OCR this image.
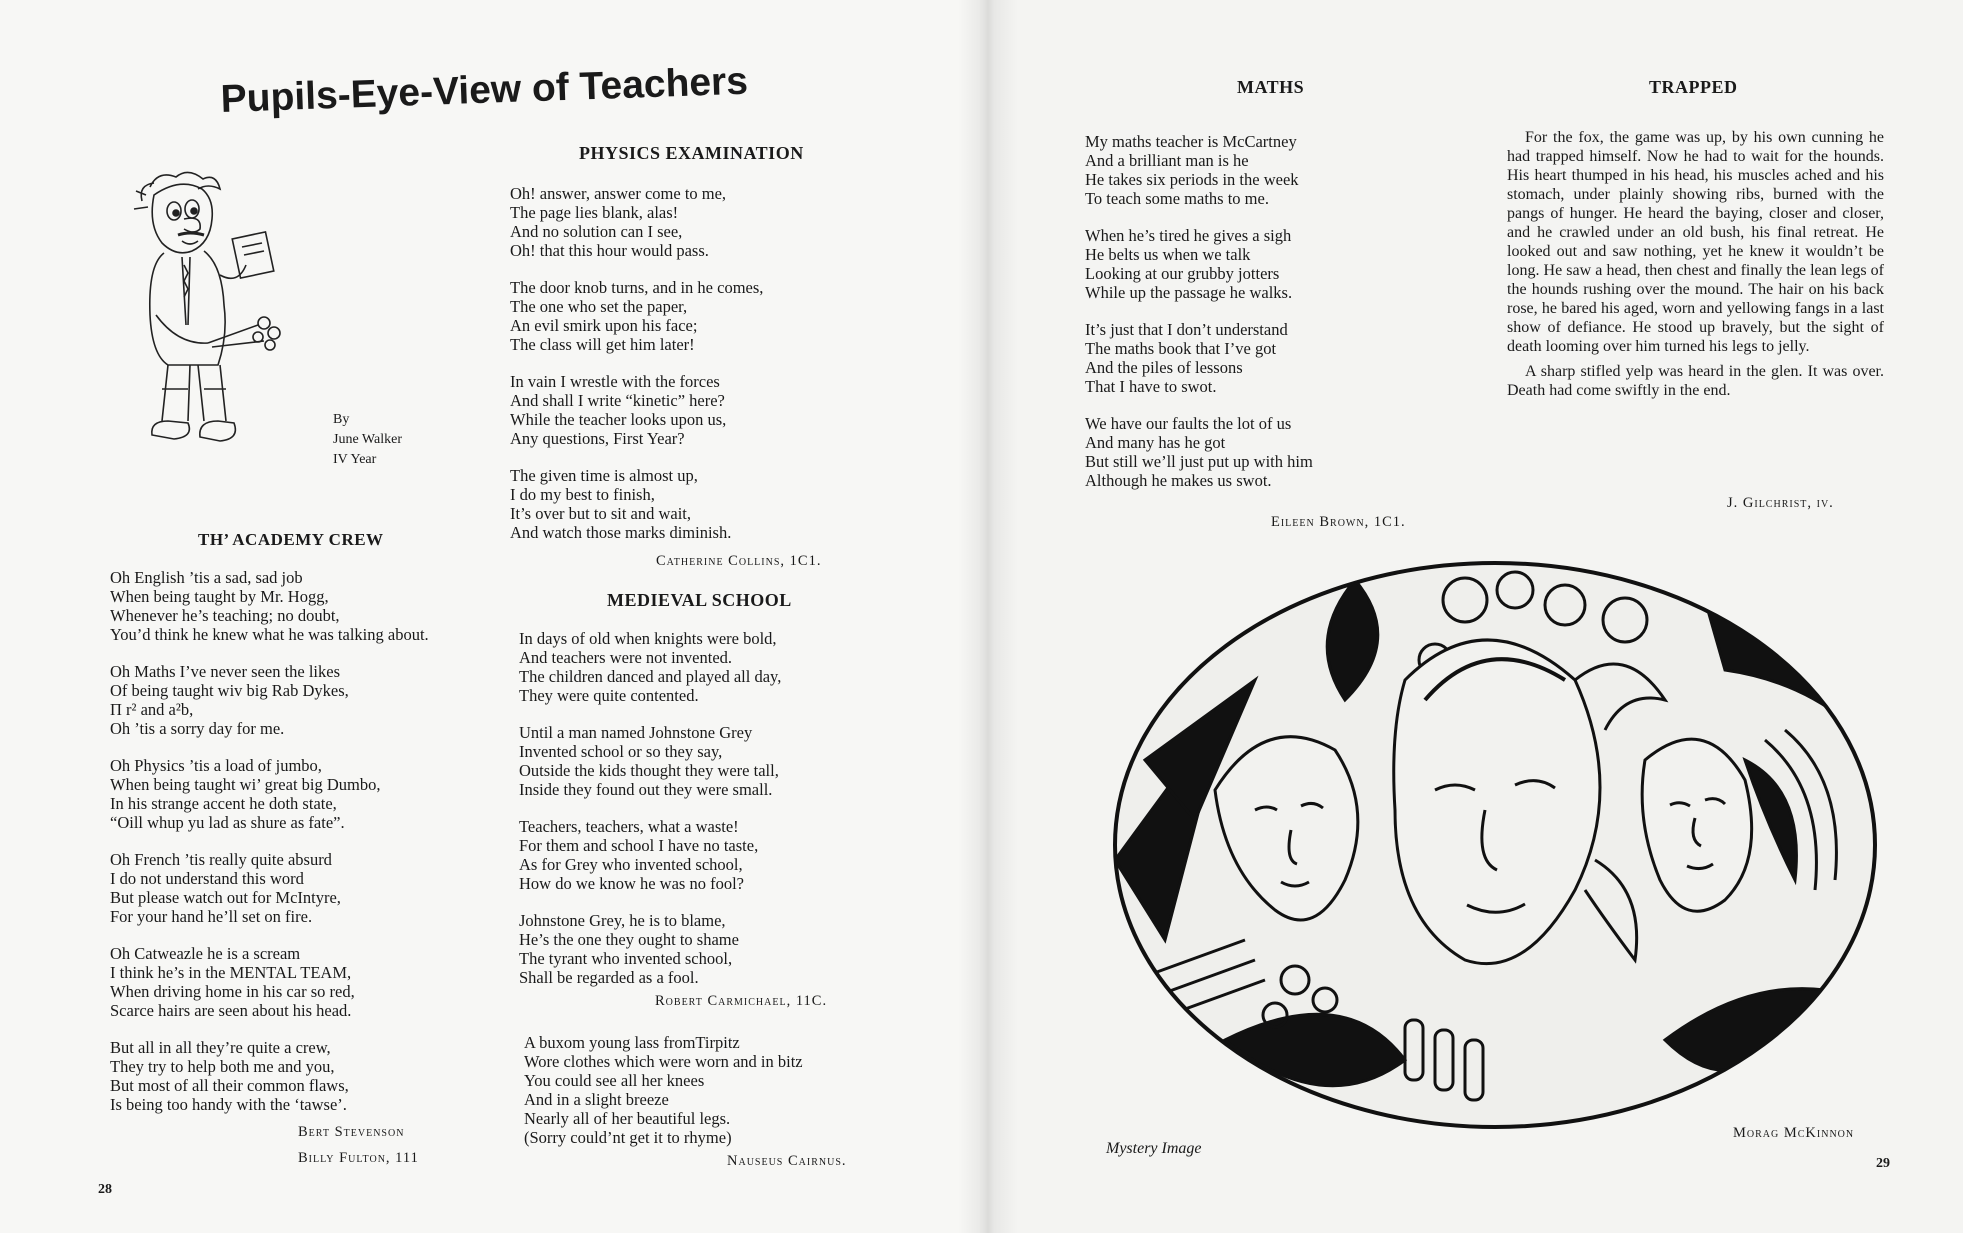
Pupils-Eye-View of Teachers
By
June Walker
IV Year
TH’ ACADEMY CREW
Oh English ’tis a sad, sad job
When being taught by Mr. Hogg,
Whenever he’s teaching; no doubt,
You’d think he knew what he was talking about.
Oh Maths I’ve never seen the likes
Of being taught wiv big Rab Dykes,
Π r² and a²b,
Oh ’tis a sorry day for me.
Oh Physics ’tis a load of jumbo,
When being taught wi’ great big Dumbo,
In his strange accent he doth state,
“Oill whup yu lad as shure as fate”.
Oh French ’tis really quite absurd
I do not understand this word
But please watch out for McIntyre,
For your hand he’ll set on fire.
Oh Catweazle he is a scream
I think he’s in the MENTAL TEAM,
When driving home in his car so red,
Scarce hairs are seen about his head.
But all in all they’re quite a crew,
They try to help both me and you,
But most of all their common flaws,
Is being too handy with the ‘tawse’.
Bert Stevenson
Billy Fulton, 111
PHYSICS EXAMINATION
Oh! answer, answer come to me,
The page lies blank, alas!
And no solution can I see,
Oh! that this hour would pass.
The door knob turns, and in he comes,
The one who set the paper,
An evil smirk upon his face;
The class will get him later!
In vain I wrestle with the forces
And shall I write “kinetic” here?
While the teacher looks upon us,
Any questions, First Year?
The given time is almost up,
I do my best to finish,
It’s over but to sit and wait,
And watch those marks diminish.
Catherine Collins, 1C1.
MEDIEVAL SCHOOL
In days of old when knights were bold,
And teachers were not invented.
The children danced and played all day,
They were quite contented.
Until a man named Johnstone Grey
Invented school or so they say,
Outside the kids thought they were tall,
Inside they found out they were small.
Teachers, teachers, what a waste!
For them and school I have no taste,
As for Grey who invented school,
How do we know he was no fool?
Johnstone Grey, he is to blame,
He’s the one they ought to shame
The tyrant who invented school,
Shall be regarded as a fool.
Robert Carmichael, 11C.
A buxom young lass fromTirpitz
Wore clothes which were worn and in bitz
You could see all her knees
And in a slight breeze
Nearly all of her beautiful legs.
(Sorry could’nt get it to rhyme)
Nauseus Cairnus.
28
MATHS
My maths teacher is McCartney
And a brilliant man is he
He takes six periods in the week
To teach some maths to me.
When he’s tired he gives a sigh
He belts us when we talk
Looking at our grubby jotters
While up the passage he walks.
It’s just that I don’t understand
The maths book that I’ve got
And the piles of lessons
That I have to swot.
We have our faults the lot of us
And many has he got
But still we’ll just put up with him
Although he makes us swot.
Eileen Brown, 1C1.
TRAPPED

For the fox, the game was up, by his own cunning he had trapped himself. Now he had to wait for the hounds. His heart thumped in his head, his muscles ached and his stomach, under plainly showing ribs, burned with the pangs of hunger. He heard the baying, closer and closer, and he crawled under an old bush, his final retreat. He looked out and saw nothing, yet he knew it wouldn’t be long. He saw a head, then chest and finally the lean legs of the hounds rushing over the mound. The hair on his back rose, he bared his aged, worn and yellowing fangs in a last show of defiance. He stood up bravely, but the sight of death looming over him turned his legs to jelly.

A sharp stifled yelp was heard in the glen. It was over. Death had come swiftly in the end.

J. Gilchrist, iv.
Mystery Image
Morag McKinnon
29
